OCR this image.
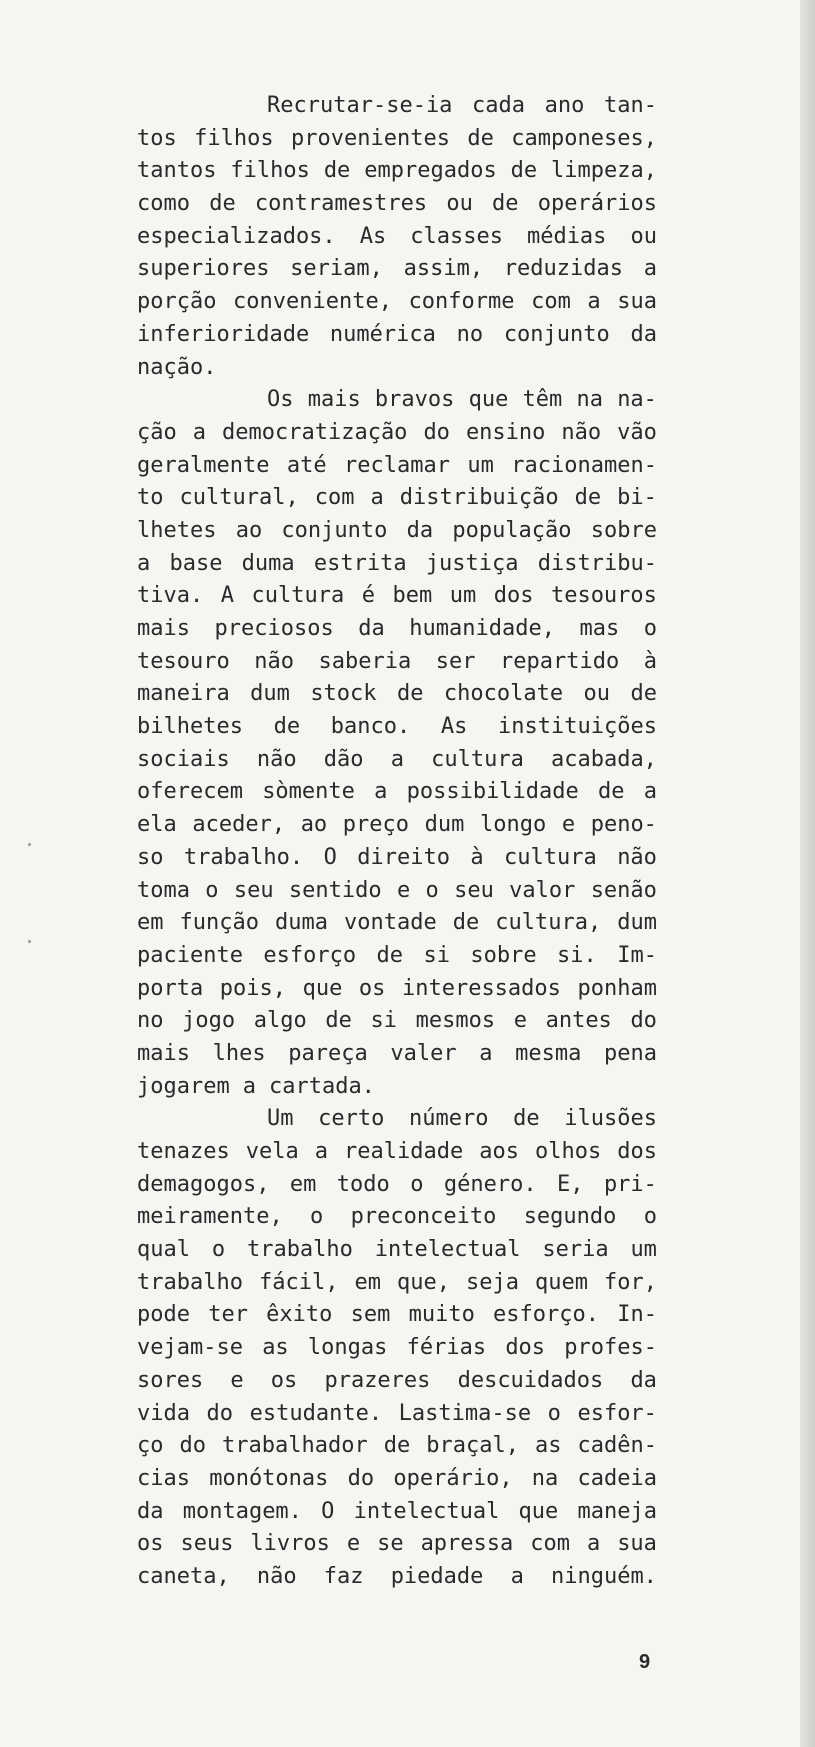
Recrutar-se-ia cada ano tan-
tos filhos provenientes de camponeses,
tantos filhos de empregados de limpeza,
como de contramestres ou de operários
especializados. As classes médias ou
superiores seriam, assim, reduzidas a
porção conveniente, conforme com a sua
inferioridade numérica no conjunto da
nação.
Os mais bravos que têm na na-
ção a democratização do ensino não vão
geralmente até reclamar um racionamen-
to cultural, com a distribuição de bi-
lhetes ao conjunto da população sobre
a base duma estrita justiça distribu-
tiva. A cultura é bem um dos tesouros
mais preciosos da humanidade, mas o
tesouro não saberia ser repartido à
maneira dum stock de chocolate ou de
bilhetes de banco. As instituições
sociais não dão a cultura acabada,
oferecem sòmente a possibilidade de a
ela aceder, ao preço dum longo e peno-
so trabalho. O direito à cultura não
toma o seu sentido e o seu valor senão
em função duma vontade de cultura, dum
paciente esforço de si sobre si. Im-
porta pois, que os interessados ponham
no jogo algo de si mesmos e antes do
mais lhes pareça valer a mesma pena
jogarem a cartada.
Um certo número de ilusões
tenazes vela a realidade aos olhos dos
demagogos, em todo o género. E, pri-
meiramente, o preconceito segundo o
qual o trabalho intelectual seria um
trabalho fácil, em que, seja quem for,
pode ter êxito sem muito esforço. In-
vejam-se as longas férias dos profes-
sores e os prazeres descuidados da
vida do estudante. Lastima-se o esfor-
ço do trabalhador de braçal, as cadên-
cias monótonas do operário, na cadeia
da montagem. O intelectual que maneja
os seus livros e se apressa com a sua
caneta, não faz piedade a ninguém.
9
